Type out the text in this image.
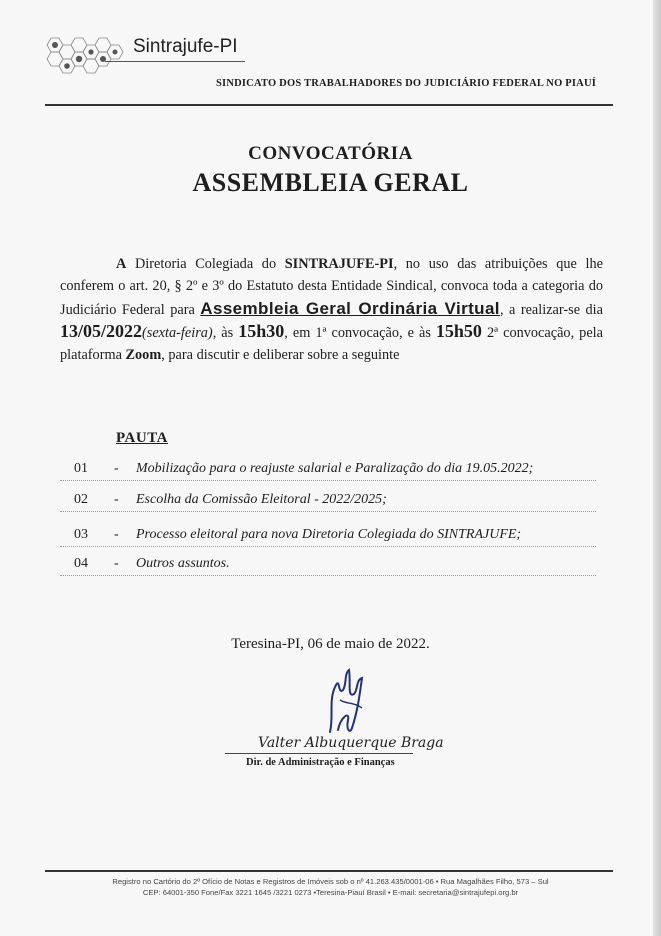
Sintrajufe-PI
SINDICATO DOS TRABALHADORES DO JUDICIÁRIO FEDERAL NO PIAUÍ
CONVOCATÓRIA
ASSEMBLEIA GERAL
A Diretoria Colegiada do SINTRAJUFE-PI, no uso das atribuições que lhe conferem o art. 20, § 2º e 3º do Estatuto desta Entidade Sindical, convoca toda a categoria do Judiciário Federal para Assembleia Geral Ordinária Virtual, a realizar-se dia 13/05/2022(sexta-feira), às 15h30, em 1ª convocação, e às 15h50 2ª convocação, pela plataforma Zoom, para discutir e deliberar sobre a seguinte
PAUTA
01 - Mobilização para o reajuste salarial e Paralização do dia 19.05.2022;
02 - Escolha da Comissão Eleitoral - 2022/2025;
03 - Processo eleitoral para nova Diretoria Colegiada do SINTRAJUFE;
04 - Outros assuntos.
Teresina-PI, 06 de maio de 2022.
Valter Albuquerque Braga
Dir. de Administração e Finanças
Registro no Cartório do 2º Ofício de Notas e Registros de Imóveis sob o nº 41.263.435/0001-06 • Rua Magalhães Filho, 573 – Sul
CEP: 64001-350 Fone/Fax 3221 1645 /3221 0273 •Teresina-Piauí Brasil • E-mail: secretaria@sintrajufepi.org.br
